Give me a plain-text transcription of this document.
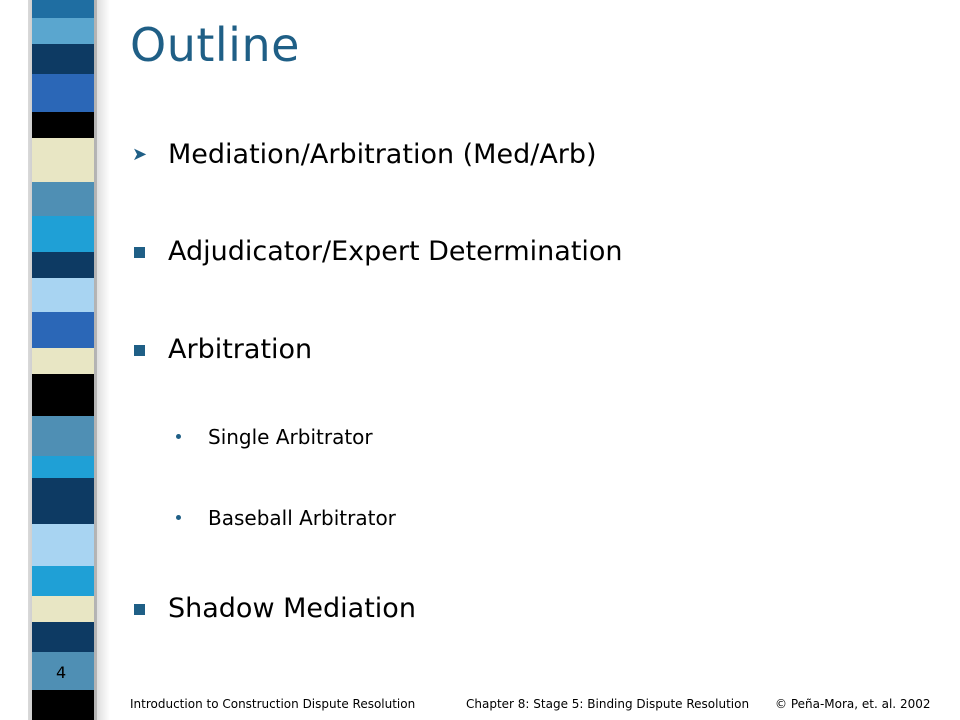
Outline
➤ Mediation/Arbitration (Med/Arb)
Adjudicator/Expert Determination
Arbitration
Single Arbitrator
Baseball Arbitrator
Shadow Mediation
4
Introduction to Construction Dispute Resolution	Chapter 8: Stage 5: Binding Dispute Resolution © Peña-Mora, et. al. 2002
